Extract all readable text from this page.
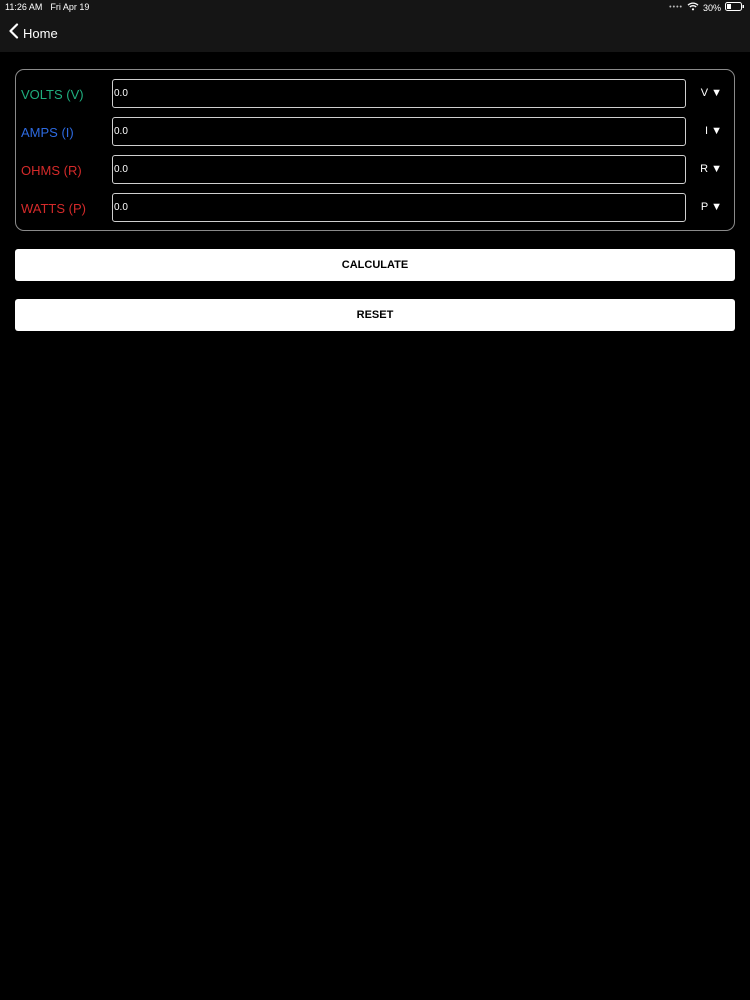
11:26 AM Fri Apr 19	•••• 30%
Home
VOLTS (V)
0.0	V ▼
AMPS (I)
0.0	I ▼
OHMS (R)
0.0	R ▼
WATTS (P)
0.0	P ▼
CALCULATE
RESET
